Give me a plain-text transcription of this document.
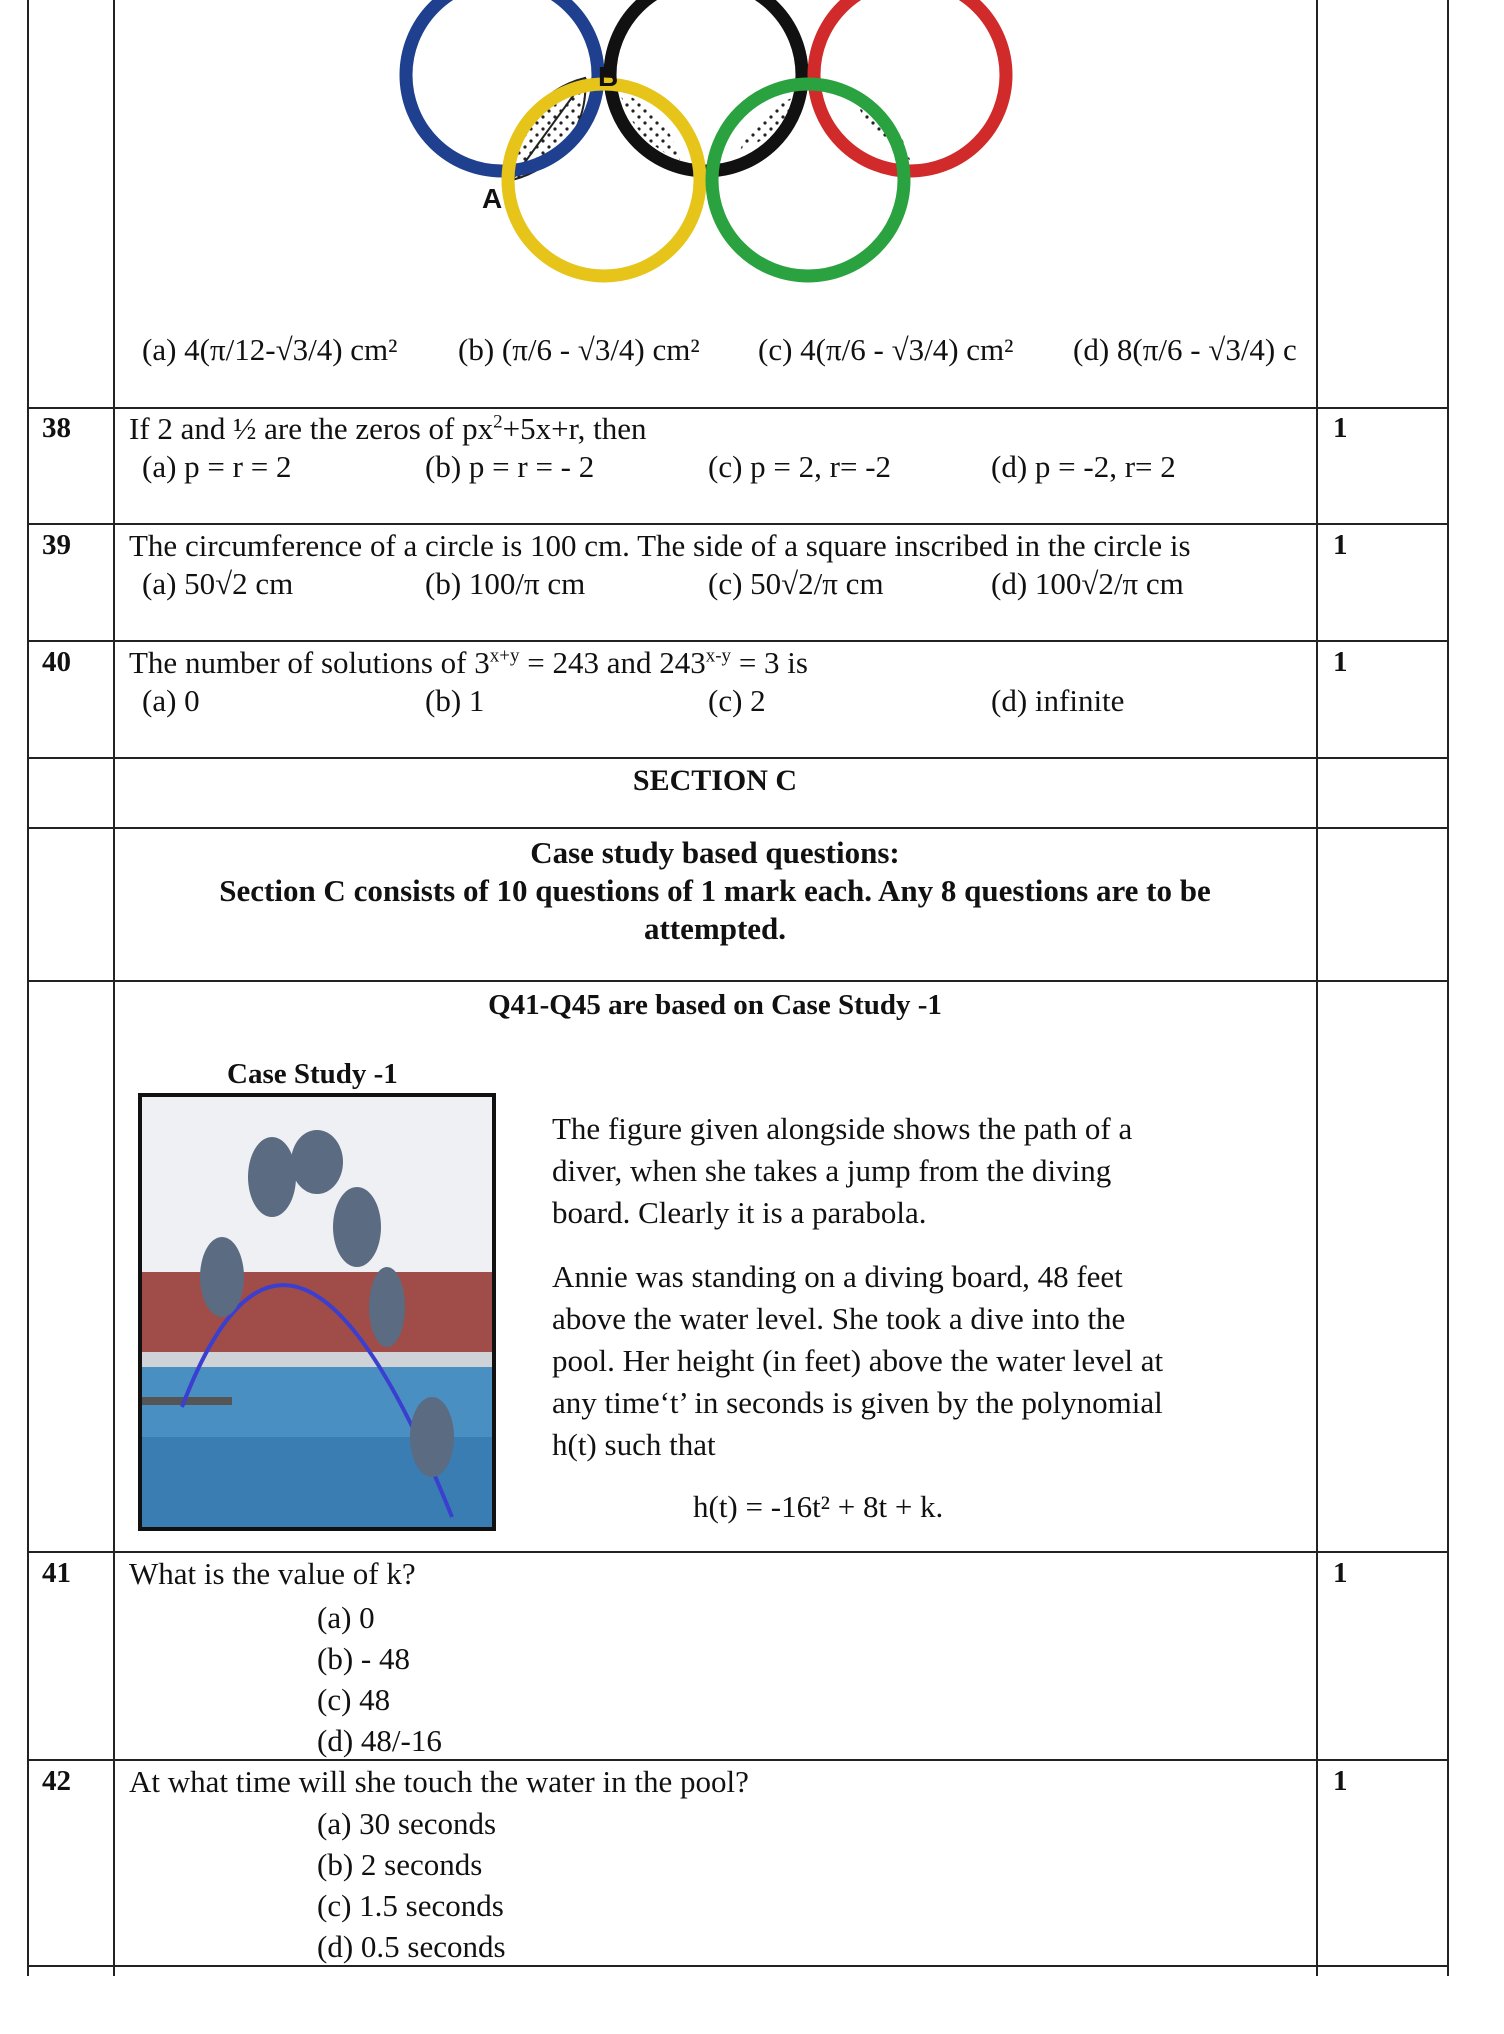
A
B
(a) 4(π/12-√3/4) cm² (b) (π/6 - √3/4) cm² (c) 4(π/6 - √3/4) cm² (d) 8(π/6 - √3/4) c
38 If 2 and ½ are the zeros of $px^2+5x+r$, then
(a) p = r = 2	(b) p = r = - 2	(c) p = 2, r= -2	(d) p = -2, r= 2
1
39 The circumference of a circle is 100 cm. The side of a square inscribed in the circle is
(a) 50√2 cm	(b) 100/π cm	(c) 50√2/π cm	(d) 100√2/π cm
1
40 The number of solutions of $3^{x+y} = 243$ and $243^{x-y} = 3$ is
(a) 0	(b) 1	(c) 2	(d) infinite
1
SECTION C
Case study based questions:
Section C consists of 10 questions of 1 mark each. Any 8 questions are to be
attempted.
Q41-Q45 are based on Case Study -1
Case Study -1
The figure given alongside shows the path of a
diver, when she takes a jump from the diving
board. Clearly it is a parabola.
Annie was standing on a diving board, 48 feet
above the water level. She took a dive into the
pool. Her height (in feet) above the water level at
any time‘t’ in seconds is given by the polynomial
h(t) such that
h(t) = -16t² + 8t + k.
41 What is the value of k?
(a) 0
(b) - 48
(c) 48
(d) 48/-16
1
42 At what time will she touch the water in the pool?
(a) 30 seconds
(b) 2 seconds
(c) 1.5 seconds
(d) 0.5 seconds
1
